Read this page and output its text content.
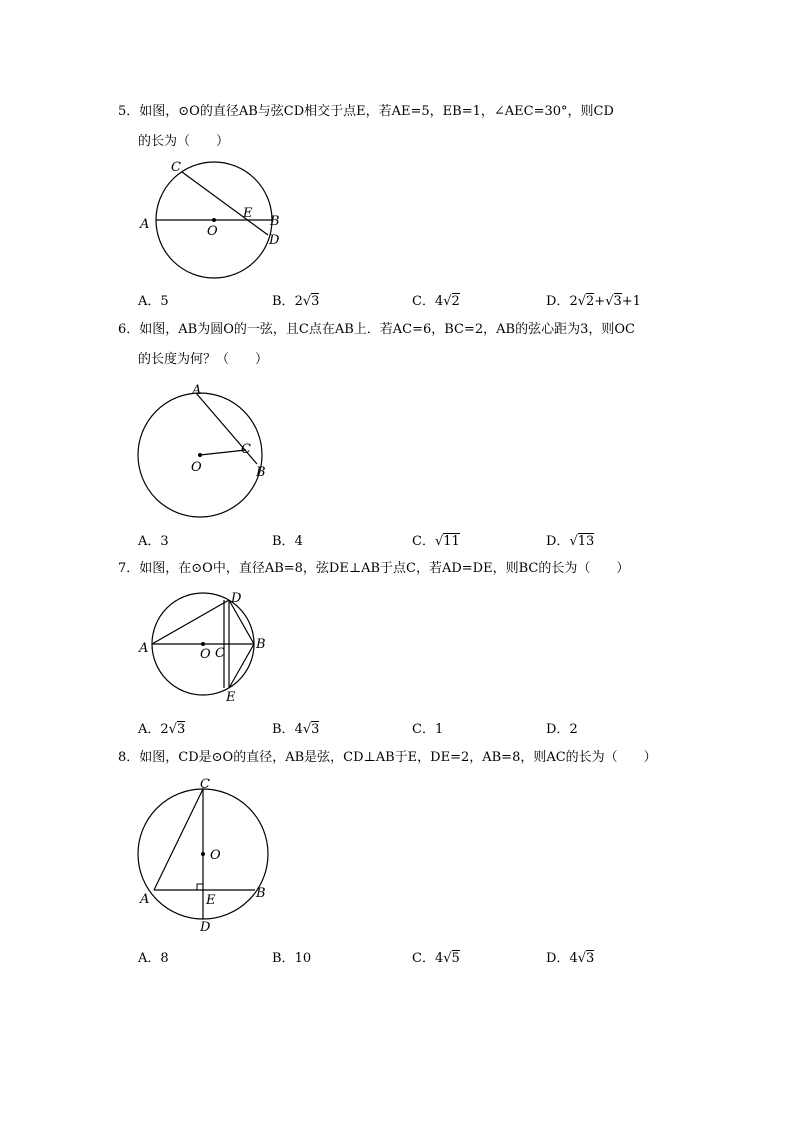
5．如图，⊙O的直径AB与弦CD相交于点E，若AE=5，EB=1，∠AEC=30°，则CD
的长为（　　）
A	B
C
D
E
O
A．5	B．2√3	C．4√2	D．2√2+√3+1
6．如图，AB为圆O的一弦，且C点在AB上．若AC=6，BC=2，AB的弦心距为3，则OC
的长度为何？（　　）
A
B
C
O
A．3	B．4	C．√11	D．√13
7．如图，在⊙O中，直径AB=8，弦DE⊥AB于点C，若AD=DE，则BC的长为（　　）
A	B
C
D
E
O
A．2√3	B．4√3	C．1	D．2
8．如图，CD是⊙O的直径，AB是弦，CD⊥AB于E，DE=2，AB=8，则AC的长为（　　）
A	B
C
D
E
O
A．8	B．10	C．4√5	D．4√3
